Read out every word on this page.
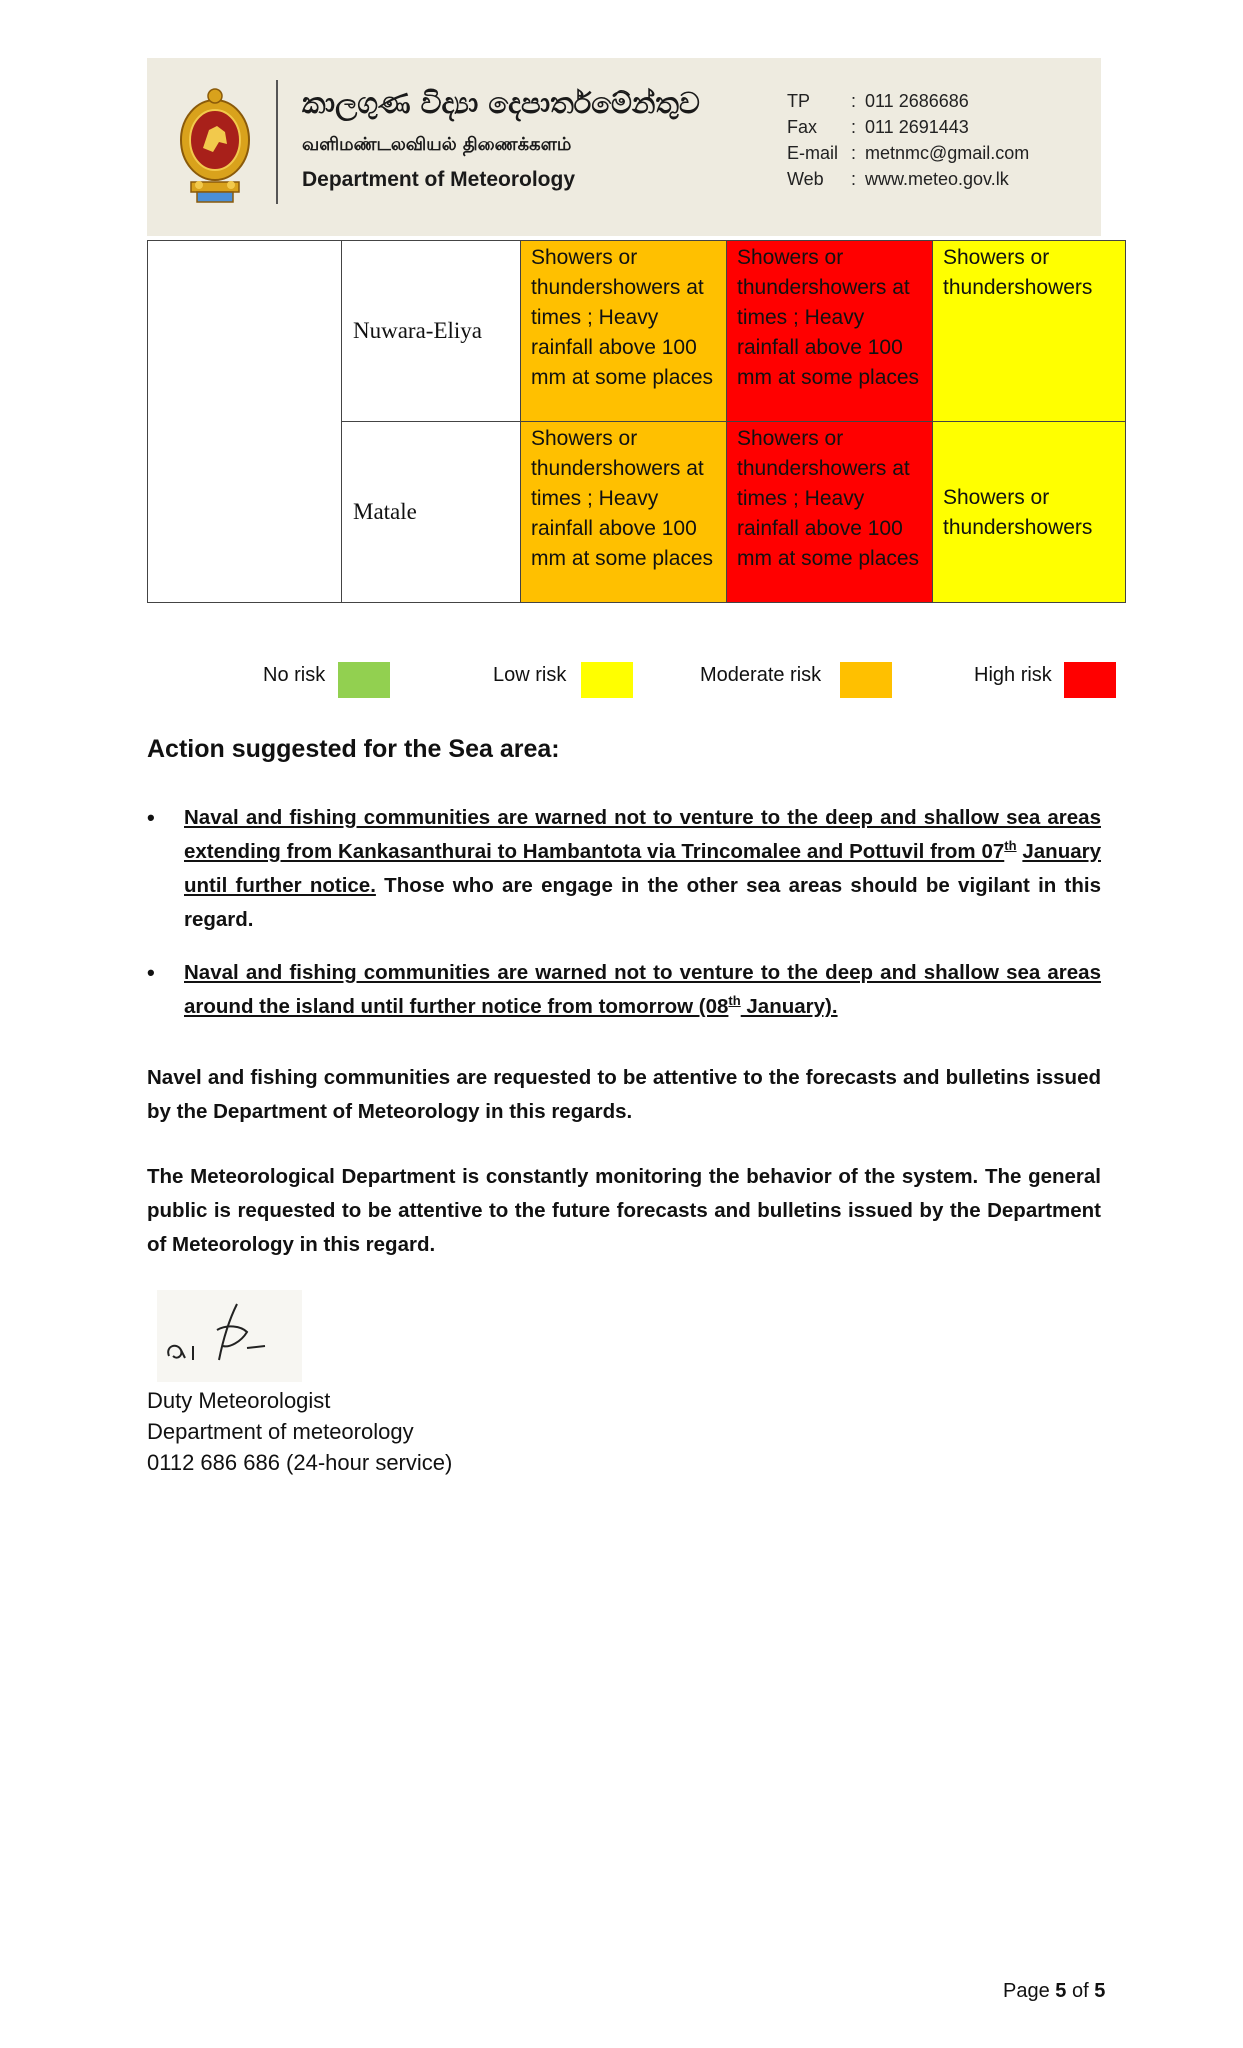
කාලගුණ විද්‍යා දෙපාර්තමේන්තුව
வளிமண்டலவியல் திணைக்களம்
Department of Meteorology
TP	: 011 2686686
Fax	: 011 2691443
E-mail : metnmc@gmail.com
Web	: www.meteo.gov.lk
	Nuwara-Eliya	Showers or thundershowers at times ; Heavy rainfall above 100 mm at some places	Showers or thundershowers at times ; Heavy rainfall above 100 mm at some places	Showers or thundershowers
	Matale	Showers or thundershowers at times ; Heavy rainfall above 100 mm at some places	Showers or thundershowers at times ; Heavy rainfall above 100 mm at some places	Showers or thundershowers
No risk	Low risk	Moderate risk	High risk
Action suggested for the Sea area:
• Naval and fishing communities are warned not to venture to the deep and shallow sea areas extending from Kankasanthurai to Hambantota via Trincomalee and Pottuvil from 07th January until further notice. Those who are engage in the other sea areas should be vigilant in this regard.
• Naval and fishing communities are warned not to venture to the deep and shallow sea areas around the island until further notice from tomorrow (08th January).
Navel and fishing communities are requested to be attentive to the forecasts and bulletins issued by the Department of Meteorology in this regards.
The Meteorological Department is constantly monitoring the behavior of the system. The general public is requested to be attentive to the future forecasts and bulletins issued by the Department of Meteorology in this regard.
Duty Meteorologist
Department of meteorology
0112 686 686 (24-hour service)
Page 5 of 5
